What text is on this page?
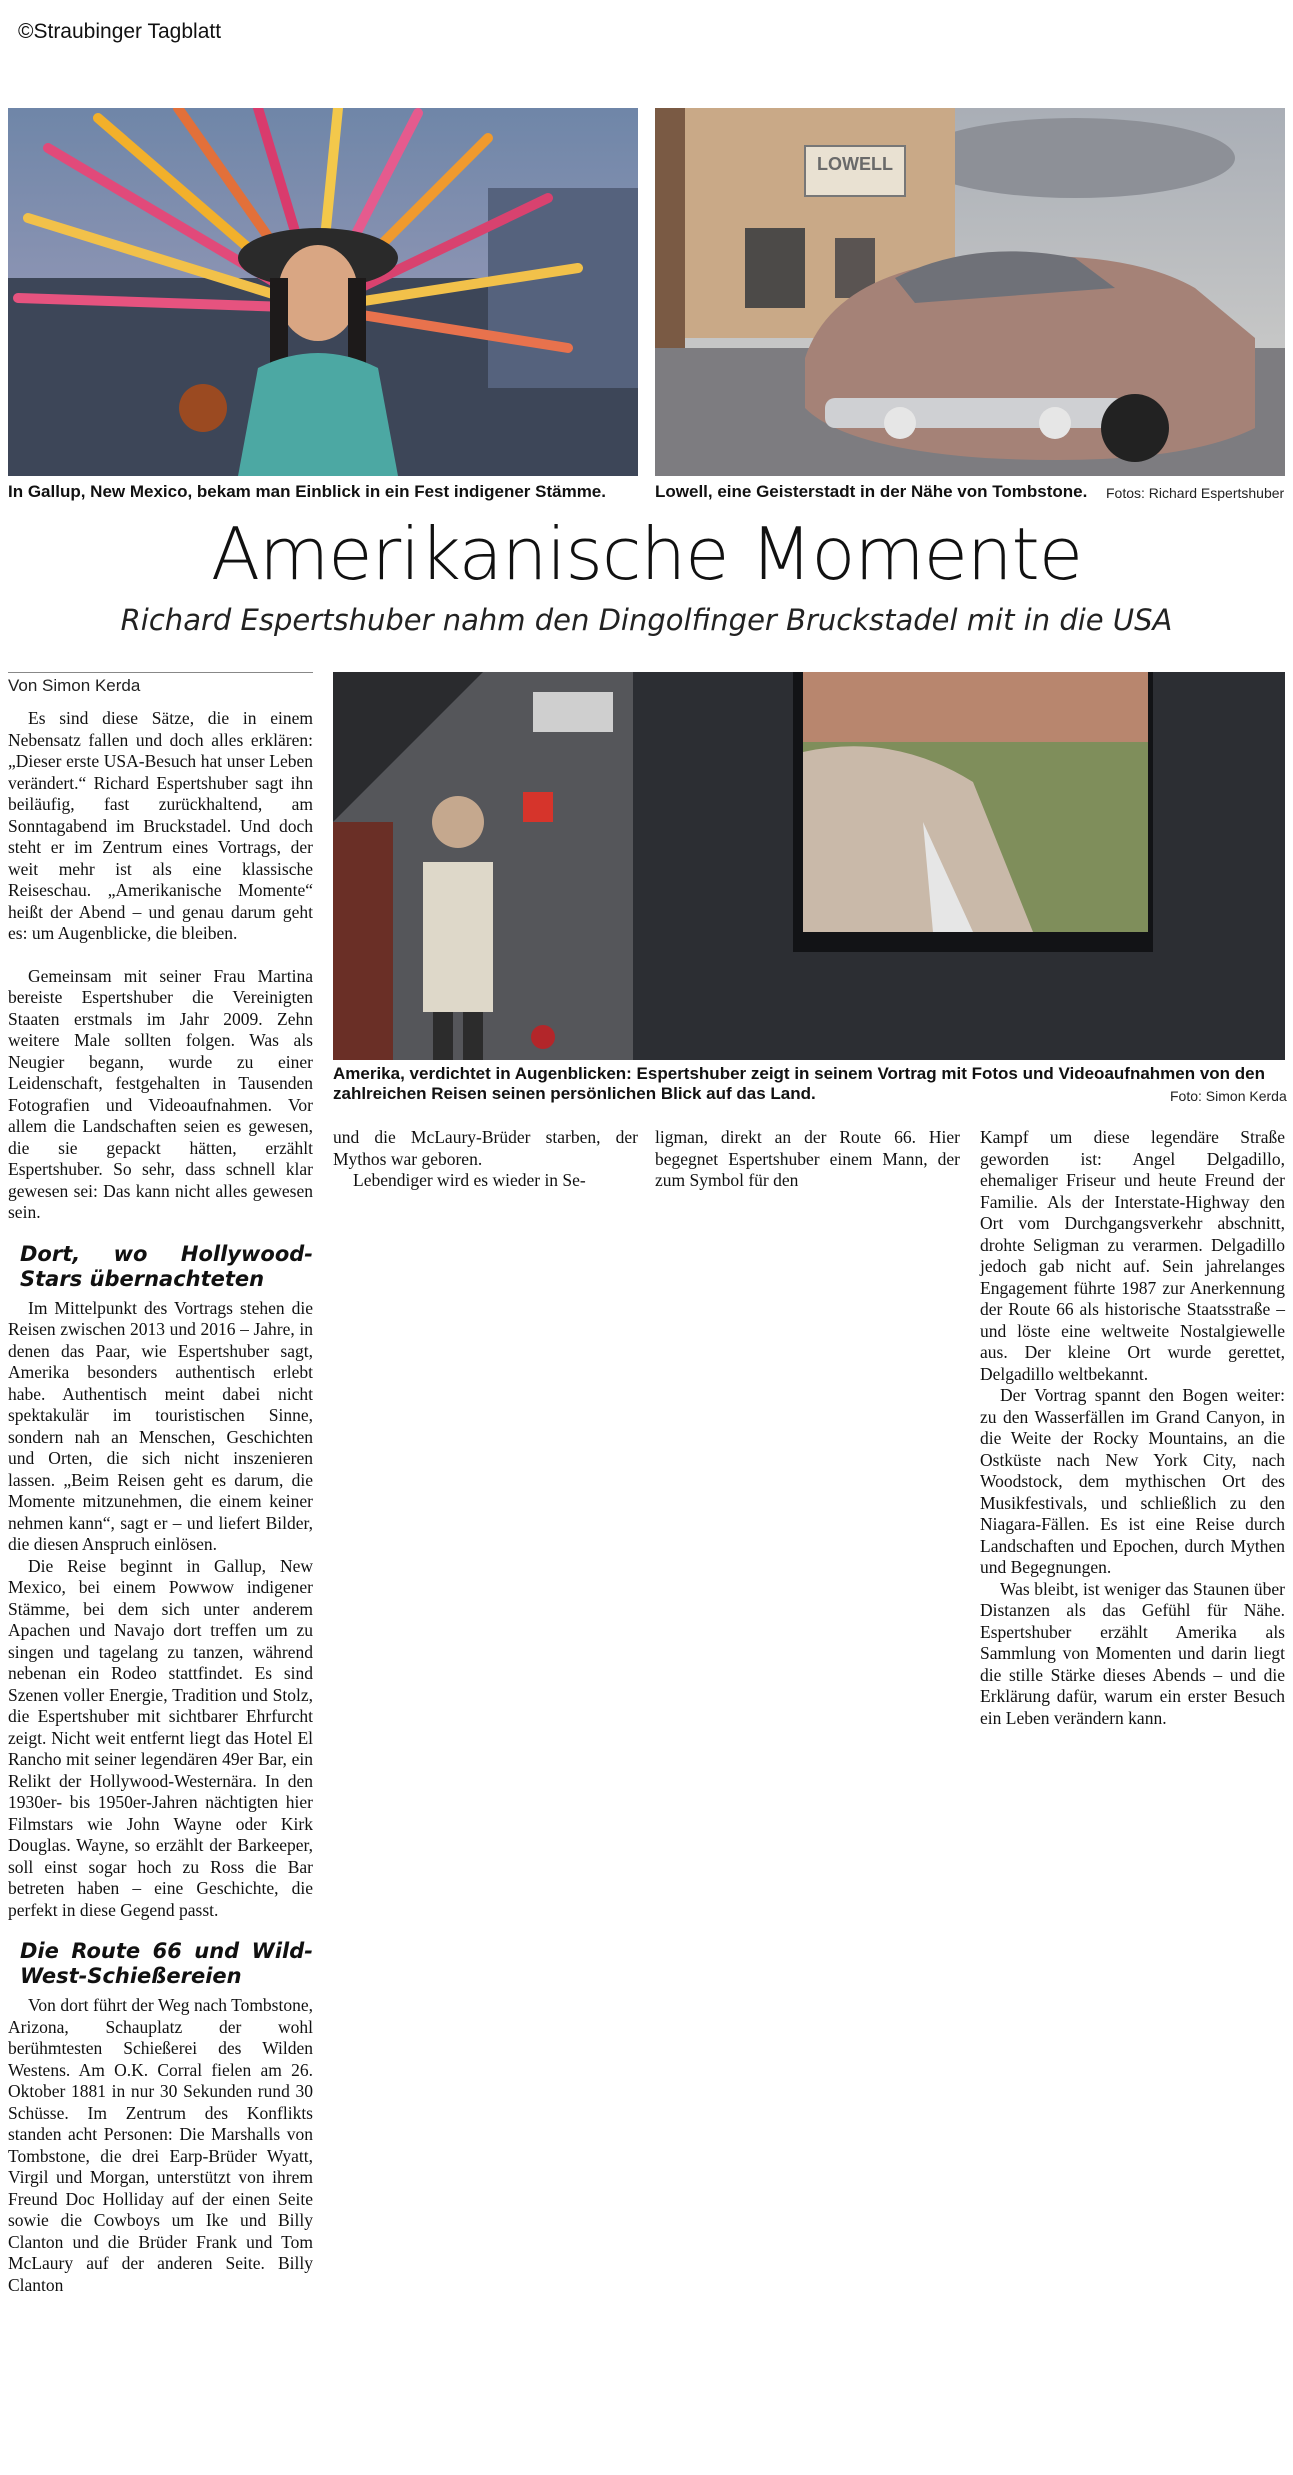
©Straubinger Tagblatt
LOWELL
In Gallup, New Mexico, bekam man Einblick in ein Fest indigener Stämme.	Lowell, eine Geisterstadt in der Nähe von Tombstone.	Fotos: Richard Espertshuber
Amerikanische Momente
Richard Espertshuber nahm den Dingolfinger Bruckstadel mit in die USA
Von Simon Kerda

Es sind diese Sätze, die in einem Nebensatz fallen und doch alles erklären: „Dieser erste USA-Besuch hat unser Leben verändert.“ Richard Espertshuber sagt ihn beiläufig, fast zurückhaltend, am Sonntagabend im Bruckstadel. Und doch steht er im Zentrum eines Vortrags, der weit mehr ist als eine klassische Reiseschau. „Amerikanische Momente“ heißt der Abend – und genau darum geht es: um Augenblicke, die bleiben.

Gemeinsam mit seiner Frau Martina bereiste Espertshuber die Vereinigten Staaten erstmals im Jahr 2009. Zehn weitere Male sollten folgen. Was als Neugier begann, wurde zu einer Leidenschaft, festgehalten in Tausenden Fotografien und Videoaufnahmen. Vor allem die Landschaften seien es gewesen, die sie gepackt hätten, erzählt Espertshuber. So sehr, dass schnell klar gewesen sei: Das kann nicht alles gewesen sein.

Dort, wo Hollywood-Stars übernachteten

Im Mittelpunkt des Vortrags stehen die Reisen zwischen 2013 und 2016 – Jahre, in denen das Paar, wie Espertshuber sagt, Amerika besonders authentisch erlebt habe. Authentisch meint dabei nicht spektakulär im touristischen Sinne, sondern nah an Menschen, Geschichten und Orten, die sich nicht inszenieren lassen. „Beim Reisen geht es darum, die Momente mitzunehmen, die einem keiner nehmen kann“, sagt er – und liefert Bilder, die diesen Anspruch einlösen.

Die Reise beginnt in Gallup, New Mexico, bei einem Powwow indigener Stämme, bei dem sich unter anderem Apachen und Navajo dort treffen um zu singen und tagelang zu tanzen, während nebenan ein Rodeo stattfindet. Es sind Szenen voller Energie, Tradition und Stolz, die Espertshuber mit sichtbarer Ehrfurcht zeigt. Nicht weit entfernt liegt das Hotel El Rancho mit seiner legendären 49er Bar, ein Relikt der Hollywood-Westernära. In den 1930er- bis 1950er-Jahren nächtigten hier Filmstars wie John Wayne oder Kirk Douglas. Wayne, so erzählt der Barkeeper, soll einst sogar hoch zu Ross die Bar betreten haben – eine Geschichte, die perfekt in diese Gegend passt.

Die Route 66 und Wild-West-Schießereien

Von dort führt der Weg nach Tombstone, Arizona, Schauplatz der wohl berühmtesten Schießerei des Wilden Westens. Am O.K. Corral fielen am 26. Oktober 1881 in nur 30 Sekunden rund 30 Schüsse. Im Zentrum des Konflikts standen acht Personen: Die Marshalls von Tombstone, die drei Earp-Brüder Wyatt, Virgil und Morgan, unterstützt von ihrem Freund Doc Holliday auf der einen Seite sowie die Cowboys um Ike und Billy Clanton und die Brüder Frank und Tom McLaury auf der anderen Seite. Billy Clanton

Amerika, verdichtet in Augenblicken: Espertshuber zeigt in seinem Vortrag mit Fotos und Videoaufnahmen von den zahlreichen Reisen seinen persönlichen Blick auf das Land.	Foto: Simon Kerda

und die McLaury-Brüder starben, der Mythos war geboren.

Lebendiger wird es wieder in Se-

ligman, direkt an der Route 66. Hier begegnet Espertshuber einem Mann, der zum Symbol für den

Kampf um diese legendäre Straße geworden ist: Angel Delgadillo, ehemaliger Friseur und heute Freund der Familie. Als der Interstate-Highway den Ort vom Durchgangsverkehr abschnitt, drohte Seligman zu verarmen. Delgadillo jedoch gab nicht auf. Sein jahrelanges Engagement führte 1987 zur Anerkennung der Route 66 als historische Staatsstraße – und löste eine weltweite Nostalgiewelle aus. Der kleine Ort wurde gerettet, Delgadillo weltbekannt.

Der Vortrag spannt den Bogen weiter: zu den Wasserfällen im Grand Canyon, in die Weite der Rocky Mountains, an die Ostküste nach New York City, nach Woodstock, dem mythischen Ort des Musikfestivals, und schließlich zu den Niagara-Fällen. Es ist eine Reise durch Landschaften und Epochen, durch Mythen und Begegnungen.

Was bleibt, ist weniger das Staunen über Distanzen als das Gefühl für Nähe. Espertshuber erzählt Amerika als Sammlung von Momenten und darin liegt die stille Stärke dieses Abends – und die Erklärung dafür, warum ein erster Besuch ein Leben verändern kann.
